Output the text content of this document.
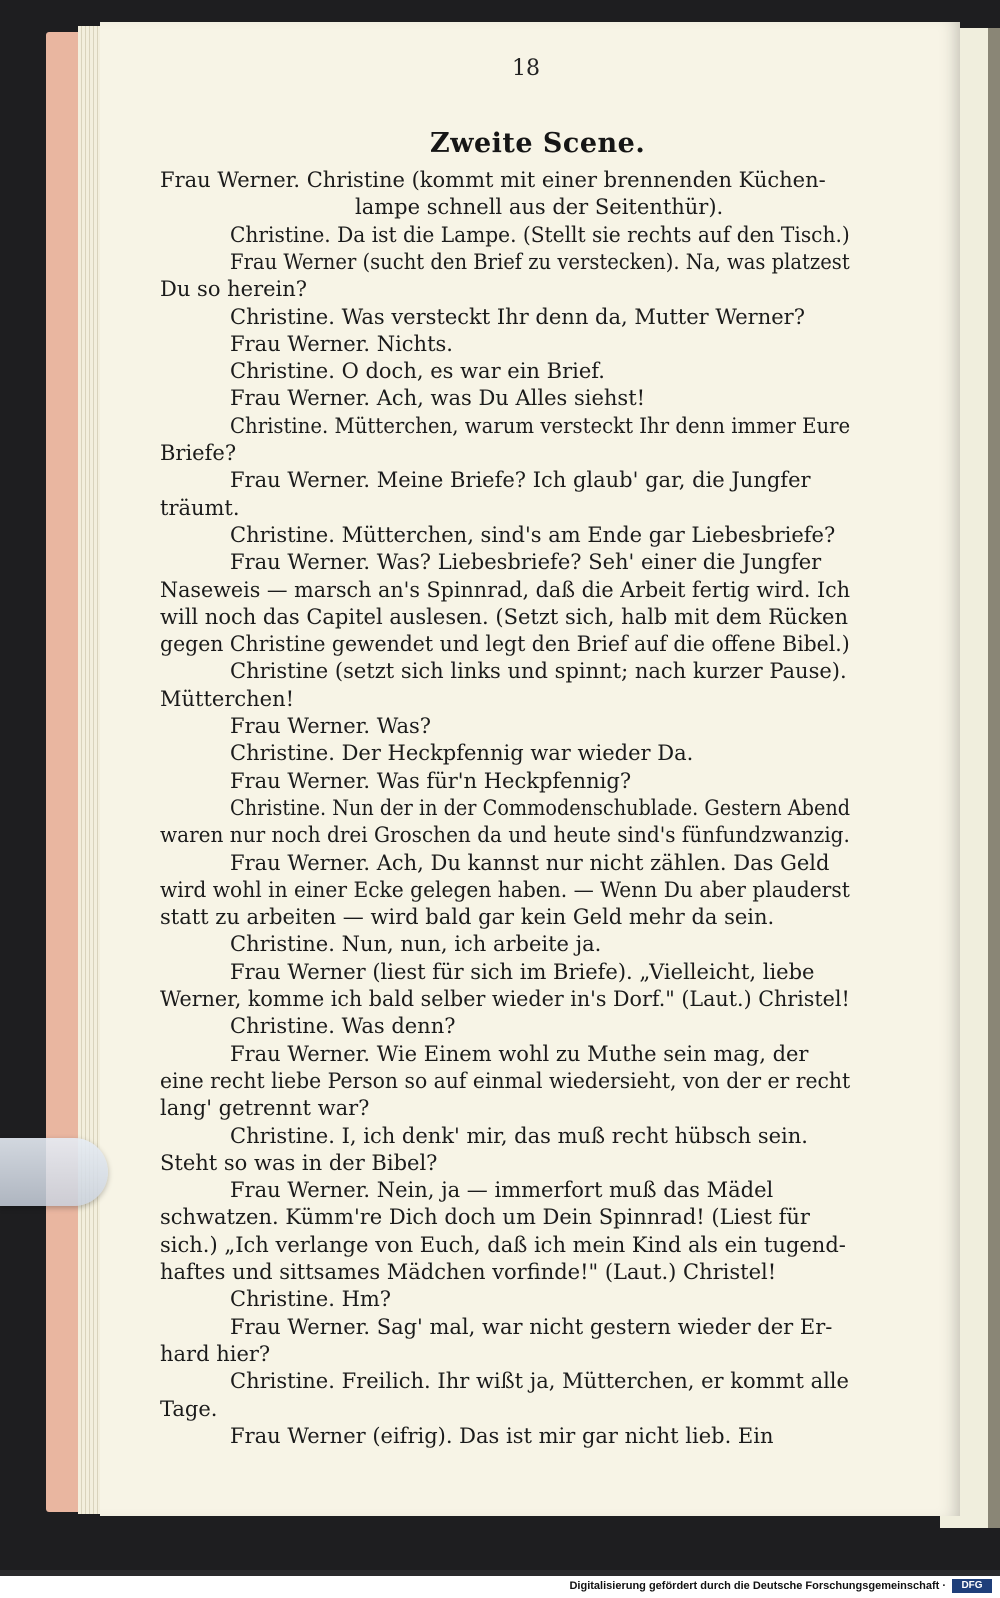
18
Zweite Scene.
Frau Werner. Christine (kommt mit einer brennenden Küchen-
lampe schnell aus der Seitenthür).
Christine. Da ist die Lampe. (Stellt sie rechts auf den Tisch.)
Frau Werner (sucht den Brief zu verstecken). Na, was platzest
Du so herein?
Christine. Was versteckt Ihr denn da, Mutter Werner?
Frau Werner. Nichts.
Christine. O doch, es war ein Brief.
Frau Werner. Ach, was Du Alles siehst!
Christine. Mütterchen, warum versteckt Ihr denn immer Eure
Briefe?
Frau Werner. Meine Briefe? Ich glaub' gar, die Jungfer
träumt.
Christine. Mütterchen, sind's am Ende gar Liebesbriefe?
Frau Werner. Was? Liebesbriefe? Seh' einer die Jungfer
Naseweis — marsch an's Spinnrad, daß die Arbeit fertig wird. Ich
will noch das Capitel auslesen. (Setzt sich, halb mit dem Rücken
gegen Christine gewendet und legt den Brief auf die offene Bibel.)
Christine (setzt sich links und spinnt; nach kurzer Pause).
Mütterchen!
Frau Werner. Was?
Christine. Der Heckpfennig war wieder Da.
Frau Werner. Was für'n Heckpfennig?
Christine. Nun der in der Commodenschublade. Gestern Abend
waren nur noch drei Groschen da und heute sind's fünfundzwanzig.
Frau Werner. Ach, Du kannst nur nicht zählen. Das Geld
wird wohl in einer Ecke gelegen haben. — Wenn Du aber plauderst
statt zu arbeiten — wird bald gar kein Geld mehr da sein.
Christine. Nun, nun, ich arbeite ja.
Frau Werner (liest für sich im Briefe). „Vielleicht, liebe
Werner, komme ich bald selber wieder in's Dorf." (Laut.) Christel!
Christine. Was denn?
Frau Werner. Wie Einem wohl zu Muthe sein mag, der
eine recht liebe Person so auf einmal wiedersieht, von der er recht
lang' getrennt war?
Christine. I, ich denk' mir, das muß recht hübsch sein.
Steht so was in der Bibel?
Frau Werner. Nein, ja — immerfort muß das Mädel
schwatzen. Kümm're Dich doch um Dein Spinnrad! (Liest für
sich.) „Ich verlange von Euch, daß ich mein Kind als ein tugend-
haftes und sittsames Mädchen vorfinde!" (Laut.) Christel!
Christine. Hm?
Frau Werner. Sag' mal, war nicht gestern wieder der Er-
hard hier?
Christine. Freilich. Ihr wißt ja, Mütterchen, er kommt alle
Tage.
Frau Werner (eifrig). Das ist mir gar nicht lieb. Ein
Digitalisierung gefördert durch die Deutsche Forschungsgemeinschaft ·	DFG
